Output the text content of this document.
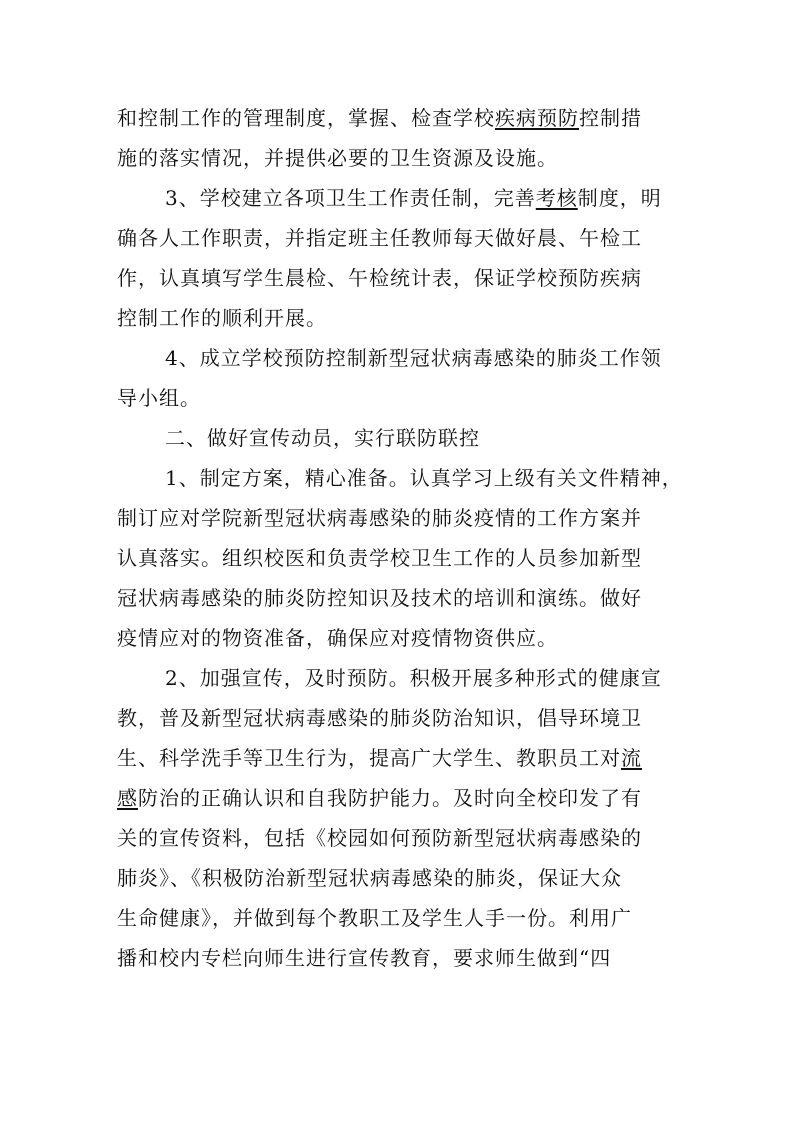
和控制工作的管理制度，掌握、检查学校疾病预防控制措
施的落实情况，并提供必要的卫生资源及设施。
3、学校建立各项卫生工作责任制，完善考核制度，明
确各人工作职责，并指定班主任教师每天做好晨、午检工
作，认真填写学生晨检、午检统计表，保证学校预防疾病
控制工作的顺利开展。
4、成立学校预防控制新型冠状病毒感染的肺炎工作领
导小组。
二、做好宣传动员，实行联防联控
1、制定方案，精心准备。认真学习上级有关文件精神，
制订应对学院新型冠状病毒感染的肺炎疫情的工作方案并
认真落实。组织校医和负责学校卫生工作的人员参加新型
冠状病毒感染的肺炎防控知识及技术的培训和演练。做好
疫情应对的物资准备，确保应对疫情物资供应。
2、加强宣传，及时预防。积极开展多种形式的健康宣
教，普及新型冠状病毒感染的肺炎防治知识，倡导环境卫
生、科学洗手等卫生行为，提高广大学生、教职员工对流
感防治的正确认识和自我防护能力。及时向全校印发了有
关的宣传资料，包括《校园如何预防新型冠状病毒感染的
肺炎》、《积极防治新型冠状病毒感染的肺炎，保证大众
生命健康》，并做到每个教职工及学生人手一份。利用广
播和校内专栏向师生进行宣传教育，要求师生做到“四
